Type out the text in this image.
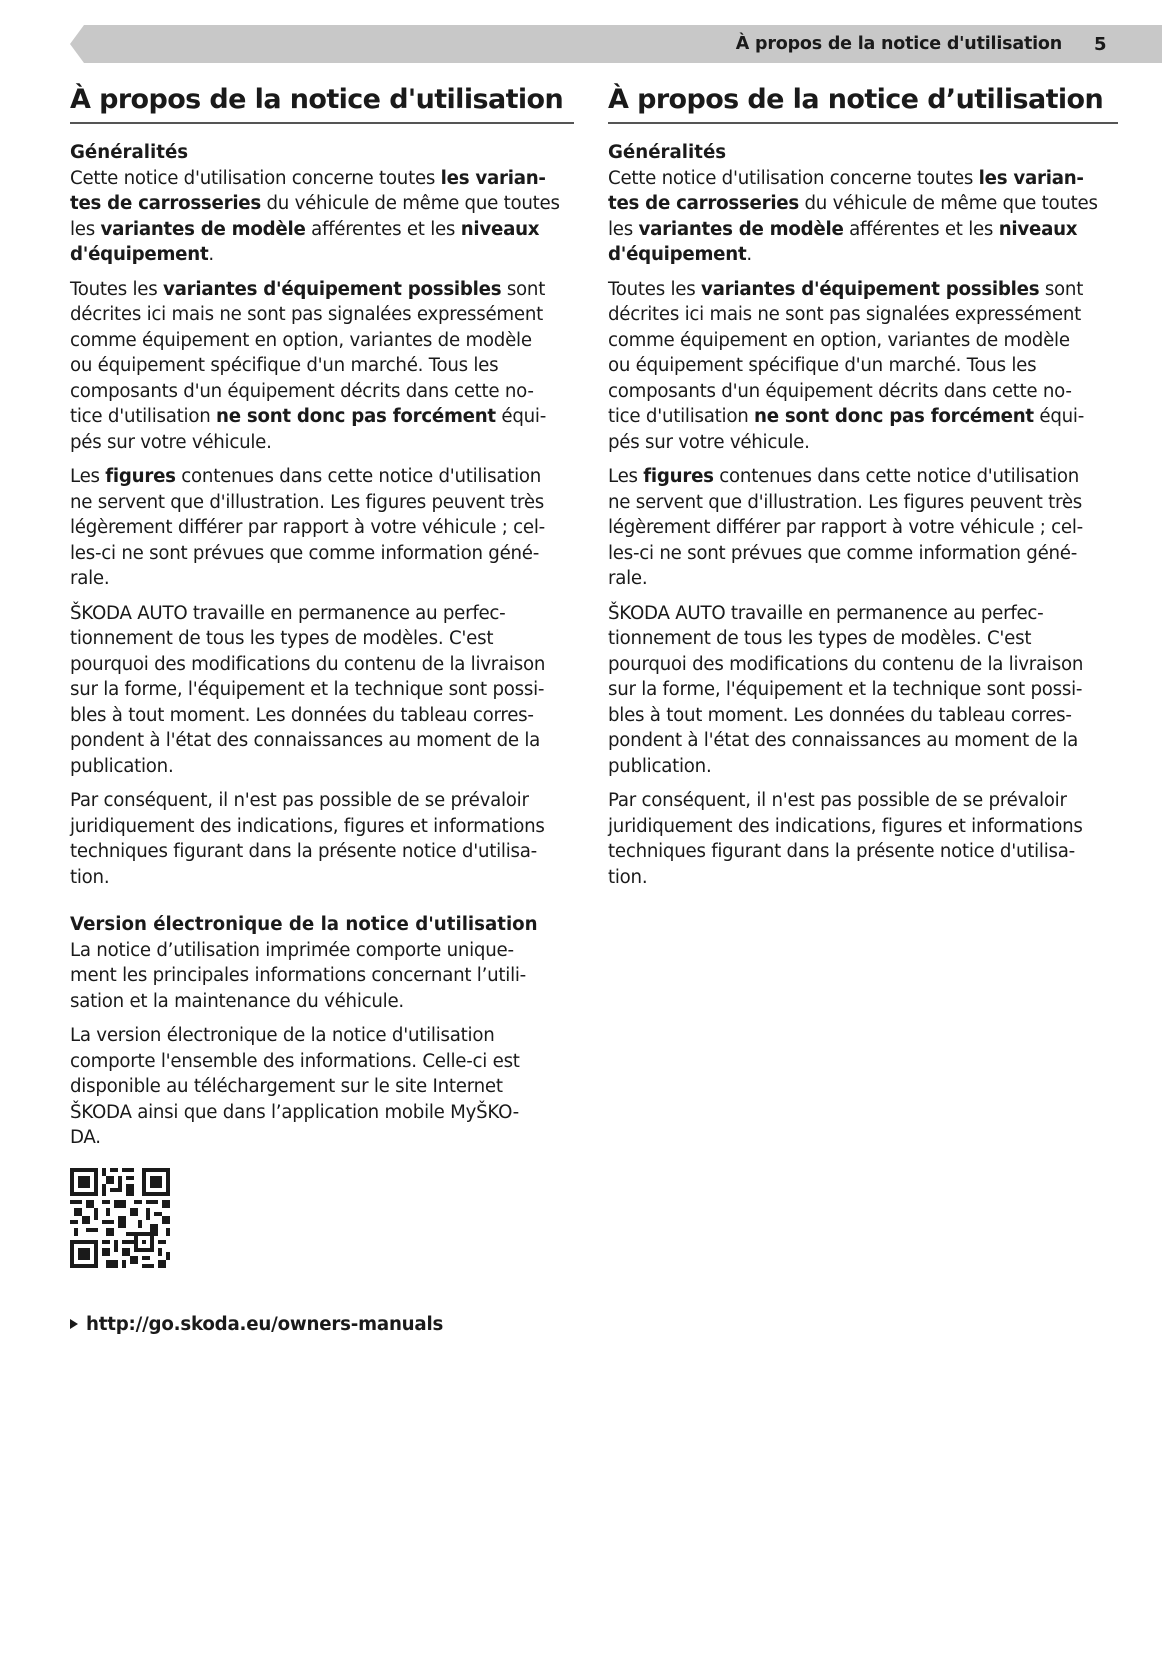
À propos de la notice d'utilisation 5
À propos de la notice d'utilisation
Généralités

Cette notice d'utilisation concerne toutes les varian-
tes de carrosseries du véhicule de même que toutes
les variantes de modèle afférentes et les niveaux
d'équipement.

Toutes les variantes d'équipement possibles sont
décrites ici mais ne sont pas signalées expressément
comme équipement en option, variantes de modèle
ou équipement spécifique d'un marché. Tous les
composants d'un équipement décrits dans cette no-
tice d'utilisation ne sont donc pas forcément équi-
pés sur votre véhicule.

Les figures contenues dans cette notice d'utilisation
ne servent que d'illustration. Les figures peuvent très
légèrement différer par rapport à votre véhicule ; cel-
les-ci ne sont prévues que comme information géné-
rale.

ŠKODA AUTO travaille en permanence au perfec-
tionnement de tous les types de modèles. C'est
pourquoi des modifications du contenu de la livraison
sur la forme, l'équipement et la technique sont possi-
bles à tout moment. Les données du tableau corres-
pondent à l'état des connaissances au moment de la
publication.

Par conséquent, il n'est pas possible de se prévaloir
juridiquement des indications, figures et informations
techniques figurant dans la présente notice d'utilisa-
tion.

Version électronique de la notice d'utilisation

La notice d’utilisation imprimée comporte unique-
ment les principales informations concernant l’utili-
sation et la maintenance du véhicule.

La version électronique de la notice d'utilisation
comporte l'ensemble des informations. Celle-ci est
disponible au téléchargement sur le site Internet
ŠKODA ainsi que dans l’application mobile MyŠKO-
DA.

http://go.skoda.eu/owners-manuals
À propos de la notice d’utilisation
Généralités

Cette notice d'utilisation concerne toutes les varian-
tes de carrosseries du véhicule de même que toutes
les variantes de modèle afférentes et les niveaux
d'équipement.

Toutes les variantes d'équipement possibles sont
décrites ici mais ne sont pas signalées expressément
comme équipement en option, variantes de modèle
ou équipement spécifique d'un marché. Tous les
composants d'un équipement décrits dans cette no-
tice d'utilisation ne sont donc pas forcément équi-
pés sur votre véhicule.

Les figures contenues dans cette notice d'utilisation
ne servent que d'illustration. Les figures peuvent très
légèrement différer par rapport à votre véhicule ; cel-
les-ci ne sont prévues que comme information géné-
rale.

ŠKODA AUTO travaille en permanence au perfec-
tionnement de tous les types de modèles. C'est
pourquoi des modifications du contenu de la livraison
sur la forme, l'équipement et la technique sont possi-
bles à tout moment. Les données du tableau corres-
pondent à l'état des connaissances au moment de la
publication.

Par conséquent, il n'est pas possible de se prévaloir
juridiquement des indications, figures et informations
techniques figurant dans la présente notice d'utilisa-
tion.
